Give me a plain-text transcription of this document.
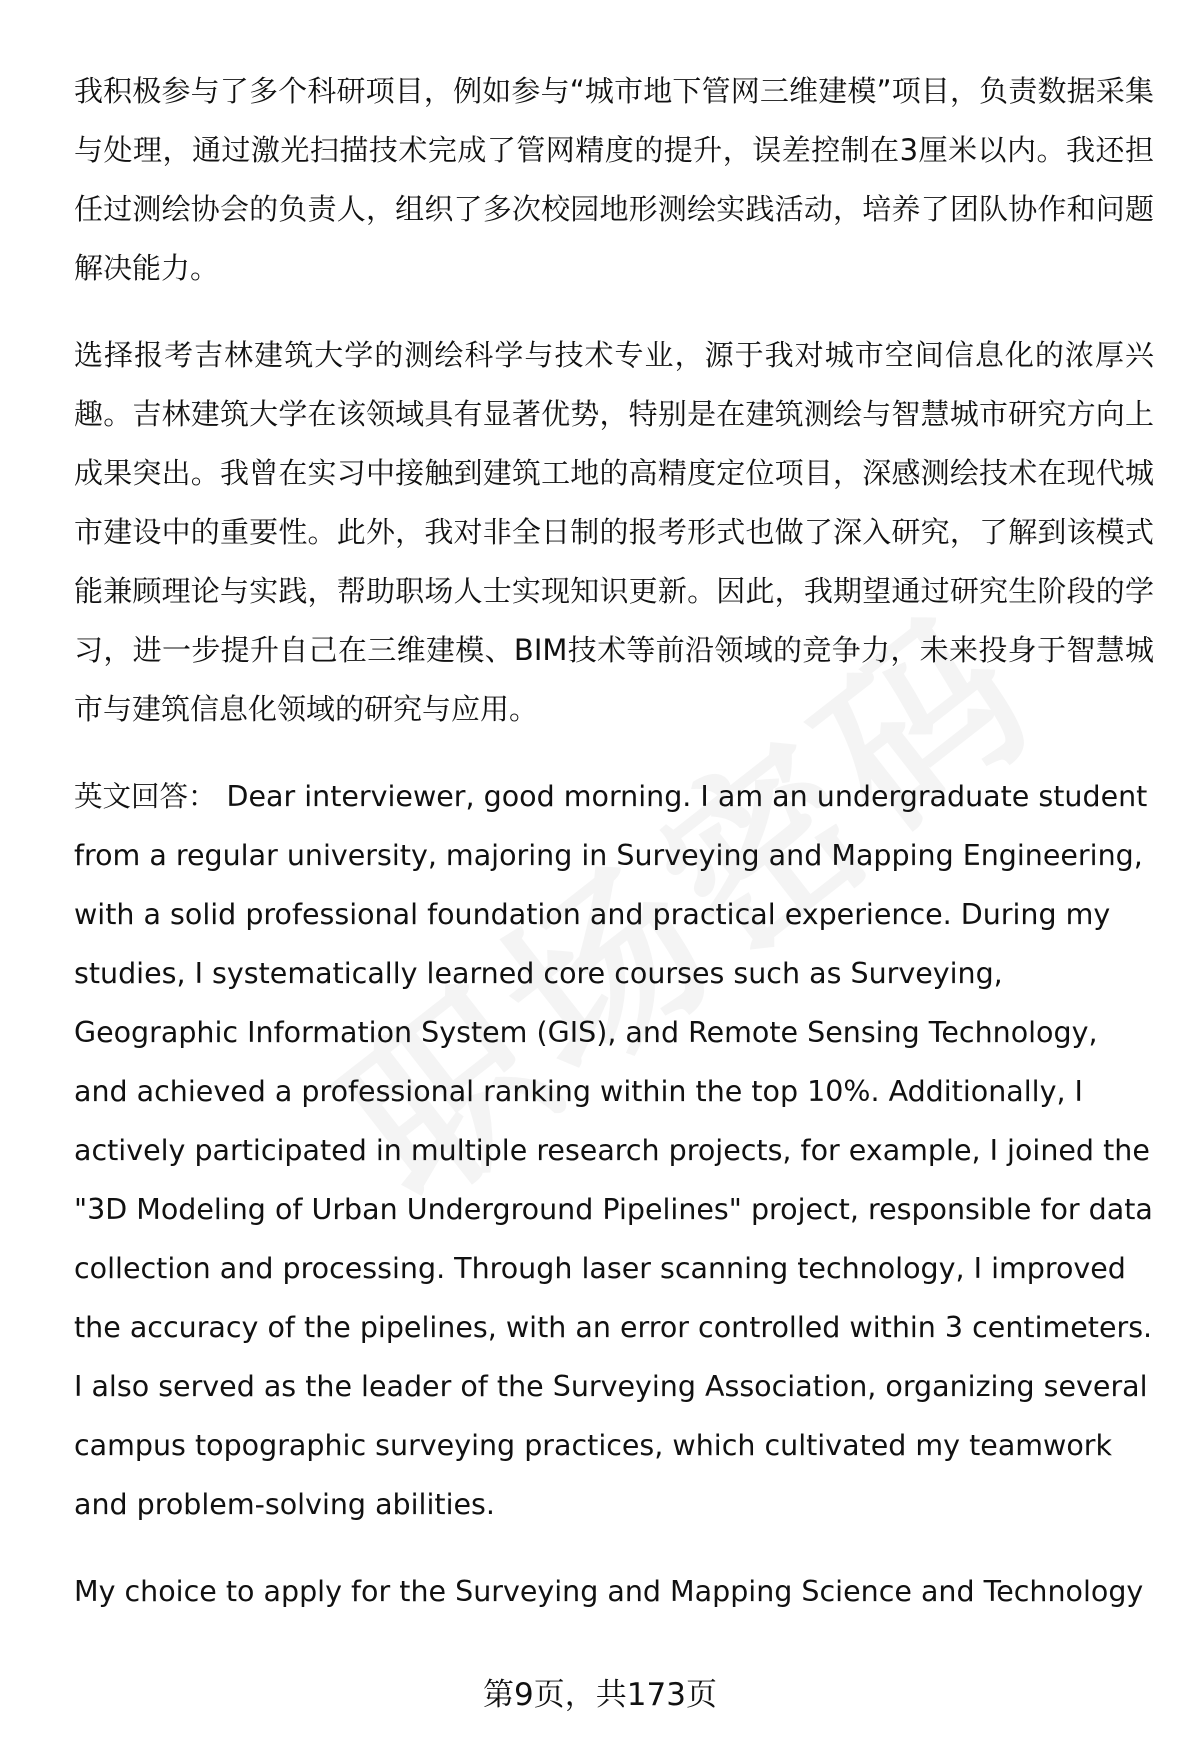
我积极参与了多个科研项目，例如参与“城市地下管网三维建模”项目，负责数据采集与处理，通过激光扫描技术完成了管网精度的提升，误差控制在3厘米以内。我还担任过测绘协会的负责人，组织了多次校园地形测绘实践活动，培养了团队协作和问题解决能力。

选择报考吉林建筑大学的测绘科学与技术专业，源于我对城市空间信息化的浓厚兴趣。吉林建筑大学在该领域具有显著优势，特别是在建筑测绘与智慧城市研究方向上成果突出。我曾在实习中接触到建筑工地的高精度定位项目，深感测绘技术在现代城市建设中的重要性。此外，我对非全日制的报考形式也做了深入研究，了解到该模式能兼顾理论与实践，帮助职场人士实现知识更新。因此，我期望通过研究生阶段的学习，进一步提升自己在三维建模、BIM技术等前沿领域的竞争力，未来投身于智慧城市与建筑信息化领域的研究与应用。

英文回答： Dear interviewer, good morning. I am an undergraduate student from a regular university, majoring in Surveying and Mapping Engineering, with a solid professional foundation and practical experience. During my studies, I systematically learned core courses such as Surveying, Geographic Information System (GIS), and Remote Sensing Technology, and achieved a professional ranking within the top 10%. Additionally, I actively participated in multiple research projects, for example, I joined the "3D Modeling of Urban Underground Pipelines" project, responsible for data collection and processing. Through laser scanning technology, I improved the accuracy of the pipelines, with an error controlled within 3 centimeters. I also served as the leader of the Surveying Association, organizing several campus topographic surveying practices, which cultivated my teamwork and problem-solving abilities.

My choice to apply for the Surveying and Mapping Science and Technology

第9页，共173页
